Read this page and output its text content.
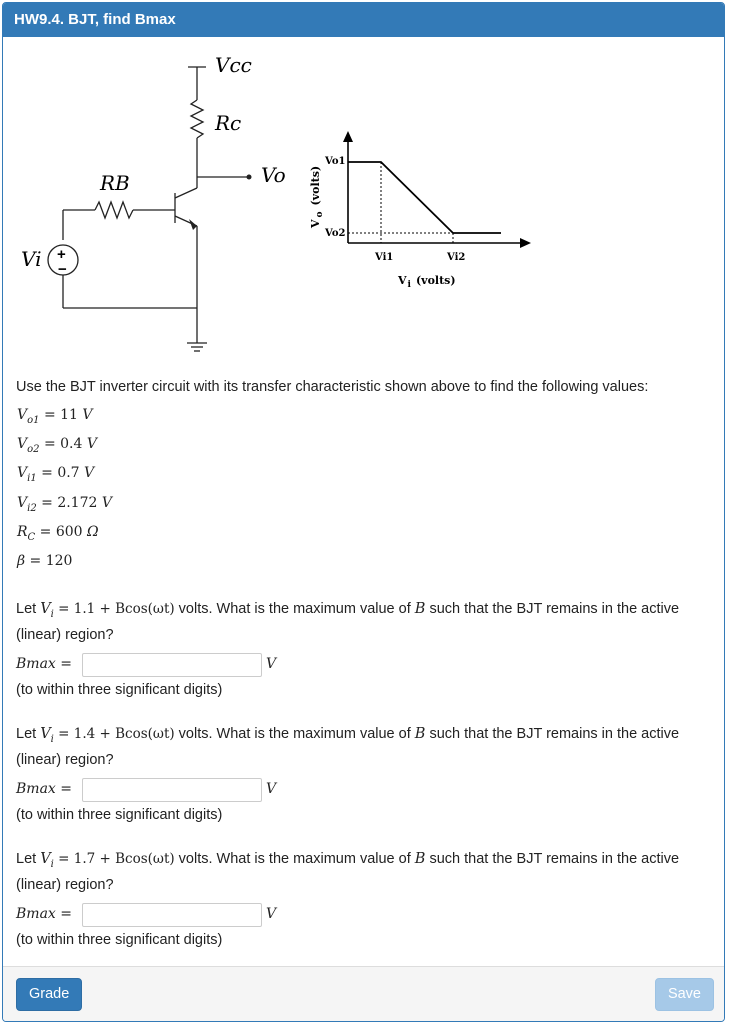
HW9.4. BJT, find Bmax
Vcc
Rc
RB	Vo
Vi +
−
Vo1
Vo2
Vi1	Vi2
$V_o(volts)$
$V_i$ (volts)
Use the BJT inverter circuit with its transfer characteristic shown above to find the following values:
$V_{o1} = 11$ V
$V_{o2} = 0.4$ V
$V_{i1} = 0.7$ V
$V_{i2} = 2.172$ V
$R_C = 600$ Ω
β = 120
Let $V_i = 1.1 + Bcos(\omega t)$ volts. What is the maximum value of B such that the BJT remains in the active (linear) region?
Bmax =	V
(to within three significant digits)
Let $V_i = 1.4 + Bcos(\omega t)$ volts. What is the maximum value of B such that the BJT remains in the active (linear) region?
Bmax =	V
(to within three significant digits)
Let $V_i = 1.7 + Bcos(\omega t)$ volts. What is the maximum value of B such that the BJT remains in the active (linear) region?
Bmax =	V
(to within three significant digits)
Grade	Save
